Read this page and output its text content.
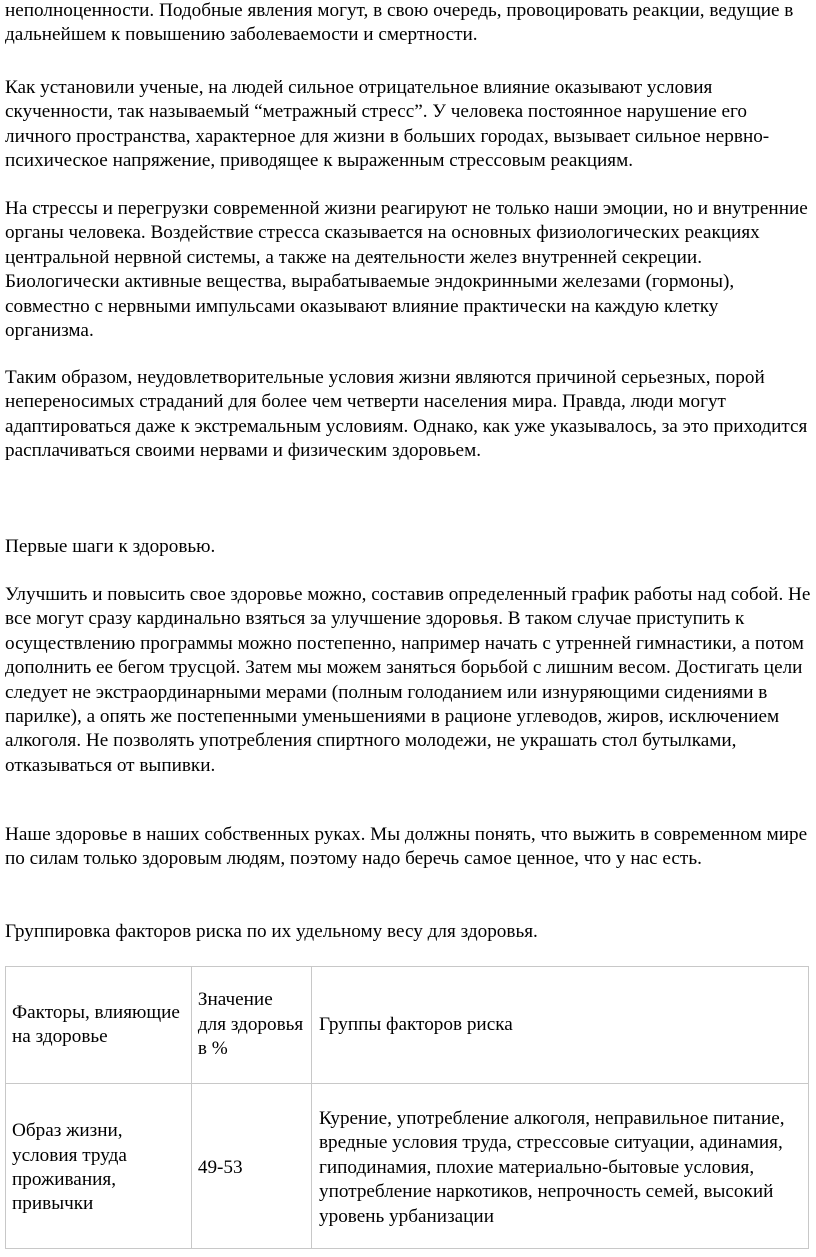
неполноценности. Подобные явления могут, в свою очередь, провоцировать реакции, ведущие в дальнейшем к повышению заболеваемости и смертности.

Как установили ученые, на людей сильное отрицательное влияние оказывают условия скученности, так называемый “метражный стресс”. У человека постоянное нарушение его личного пространства, характерное для жизни в больших городах, вызывает сильное нервно-психическое напряжение, приводящее к выраженным стрессовым реакциям.

На стрессы и перегрузки современной жизни реагируют не только наши эмоции, но и внутренние органы человека. Воздействие стресса сказывается на основных физиологических реакциях центральной нервной системы, а также на деятельности желез внутренней секреции. Биологически активные вещества, вырабатываемые эндокринными железами (гормоны), совместно с нервными импульсами оказывают влияние практически на каждую клетку организма.

Таким образом, неудовлетворительные условия жизни являются причиной серьезных, порой непереносимых страданий для более чем четверти населения мира. Правда, люди могут адаптироваться даже к экстремальным условиям. Однако, как уже указывалось, за это приходится расплачиваться своими нервами и физическим здоровьем.

Первые шаги к здоровью.

Улучшить и повысить свое здоровье можно, составив определенный график работы над собой. Не все могут сразу кардинально взяться за улучшение здоровья. В таком случае приступить к осуществлению программы можно постепенно, например начать с утренней гимнастики, а потом дополнить ее бегом трусцой. Затем мы можем заняться борьбой с лишним весом. Достигать цели следует не экстраординарными мерами (полным голоданием или изнуряющими сидениями в парилке), а опять же постепенными уменьшениями в рационе углеводов, жиров, исключением алкоголя. Не позволять употребления спиртного молодежи, не украшать стол бутылками, отказываться от выпивки.

Наше здоровье в наших собственных руках. Мы должны понять, что выжить в современном мире по силам только здоровым людям, поэтому надо беречь самое ценное, что у нас есть.

Группировка факторов риска по их удельному весу для здоровья.

Факторы, влияющие на здоровье	Значение для здоровья в %	Группы факторов риска
Образ жизни, условия труда проживания, привычки	49-53	Курение, употребление алкоголя, неправильное питание, вредные условия труда, стрессовые ситуации, адинамия, гиподинамия, плохие материально-бытовые условия, употребление наркотиков, непрочность семей, высокий уровень урбанизации
